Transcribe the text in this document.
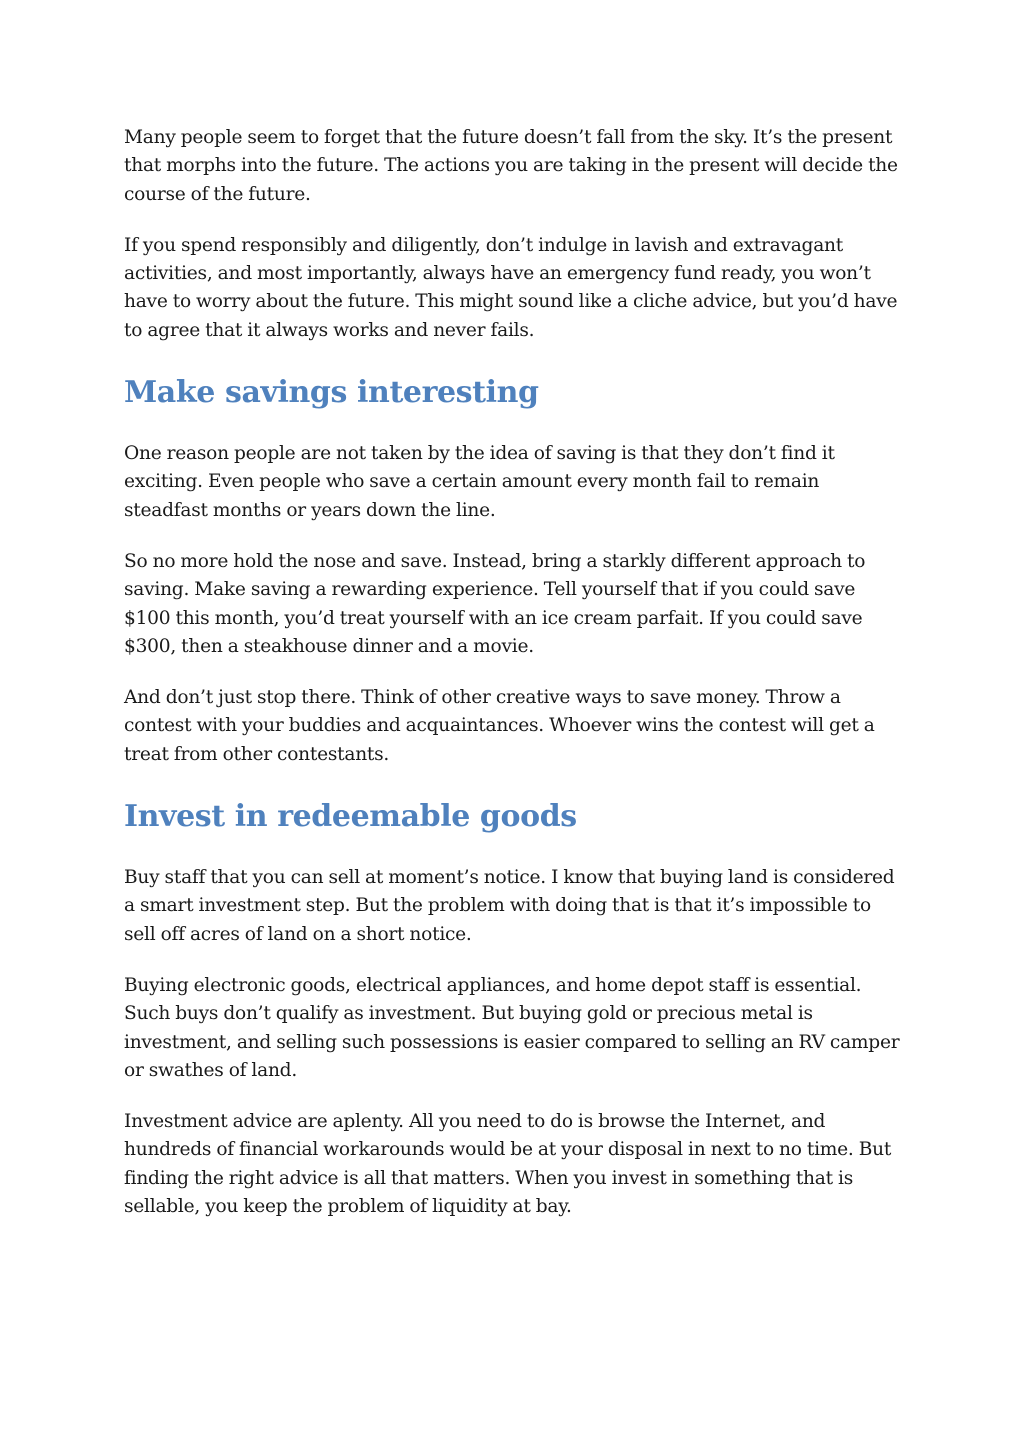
Many people seem to forget that the future doesn’t fall from the sky. It’s the present that morphs into the future. The actions you are taking in the present will decide the course of the future.

If you spend responsibly and diligently, don’t indulge in lavish and extravagant activities, and most importantly, always have an emergency fund ready, you won’t have to worry about the future. This might sound like a cliche advice, but you’d have to agree that it always works and never fails.

Make savings interesting

One reason people are not taken by the idea of saving is that they don’t find it exciting. Even people who save a certain amount every month fail to remain steadfast months or years down the line.

So no more hold the nose and save. Instead, bring a starkly different approach to saving. Make saving a rewarding experience. Tell yourself that if you could save $100 this month, you’d treat yourself with an ice cream parfait. If you could save $300, then a steakhouse dinner and a movie.

And don’t just stop there. Think of other creative ways to save money. Throw a contest with your buddies and acquaintances. Whoever wins the contest will get a treat from other contestants.

Invest in redeemable goods

Buy staff that you can sell at moment’s notice. I know that buying land is considered a smart investment step. But the problem with doing that is that it’s impossible to sell off acres of land on a short notice.

Buying electronic goods, electrical appliances, and home depot staff is essential. Such buys don’t qualify as investment. But buying gold or precious metal is investment, and selling such possessions is easier compared to selling an RV camper or swathes of land.

Investment advice are aplenty. All you need to do is browse the Internet, and hundreds of financial workarounds would be at your disposal in next to no time. But finding the right advice is all that matters. When you invest in something that is sellable, you keep the problem of liquidity at bay.
